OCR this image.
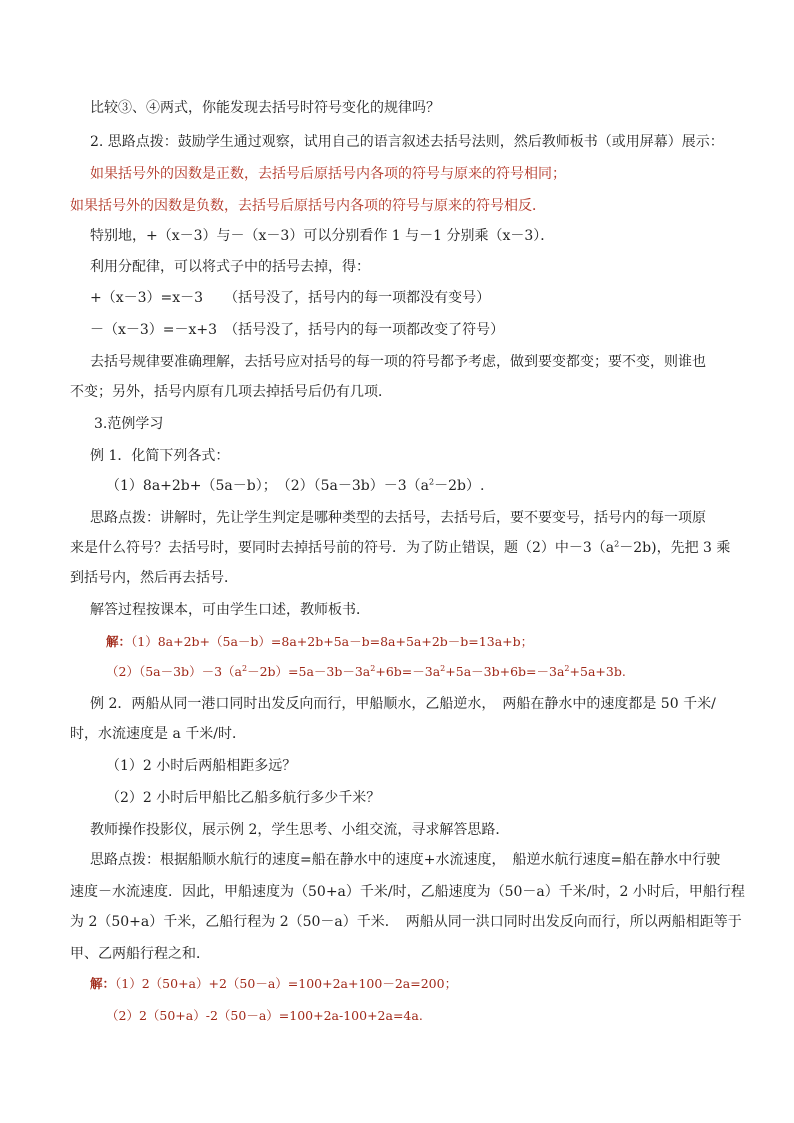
比较③、④两式，你能发现去括号时符号变化的规律吗？
2. 思路点拨：鼓励学生通过观察，试用自己的语言叙述去括号法则，然后教师板书（或用屏幕）展示：
如果括号外的因数是正数，去括号后原括号内各项的符号与原来的符号相同；
如果括号外的因数是负数，去括号后原括号内各项的符号与原来的符号相反．
特别地，+（x－3）与－（x－3）可以分别看作 1 与－1 分别乘（x－3）．
利用分配律，可以将式子中的括号去掉，得：
+（x－3）=x－3　　（括号没了，括号内的每一项都没有变号）
－（x－3）=－x+3　（括号没了，括号内的每一项都改变了符号）
去括号规律要准确理解，去括号应对括号的每一项的符号都予考虑，做到要变都变；要不变，则谁也
不变；另外，括号内原有几项去掉括号后仍有几项．
3.范例学习
例 1．化简下列各式：
（1）8a+2b+（5a－b）；　$(2)(5a-3b)-3(a^2-2b)$.
思路点拨：讲解时，先让学生判定是哪种类型的去括号，去括号后，要不要变号，括号内的每一项原
来是什么符号？去括号时，要同时去掉括号前的符号．为了防止错误，题（2）中$-3(a^2-2b)$，先把 3 乘
到括号内，然后再去括号．
解答过程按课本，可由学生口述，教师板书．
解：（1）8a+2b+（5a－b）=8a+2b+5a－b=8a+5a+2b－b=13a+b；
$(2)(5a-3b)-3(a^2-2b)=5a-3b-3a^2+6b=-3a^2+5a-3b+6b=-3a^2+5a+3b$.
例 2．两船从同一港口同时出发反向而行，甲船顺水，乙船逆水，　两船在静水中的速度都是 50 千米/
时，水流速度是 a 千米/时．
（1）2 小时后两船相距多远？
（2）2 小时后甲船比乙船多航行多少千米？
教师操作投影仪，展示例 2，学生思考、小组交流，寻求解答思路．
思路点拨：根据船顺水航行的速度=船在静水中的速度+水流速度，　船逆水航行速度=船在静水中行驶
速度－水流速度．因此，甲船速度为（50+a）千米/时，乙船速度为（50－a）千米/时，2 小时后，甲船行程
为 2（50+a）千米，乙船行程为 2（50－a）千米．　两船从同一洪口同时出发反向而行，所以两船相距等于
甲、乙两船行程之和．
解：（1）2（50+a）+2（50－a）=100+2a+100－2a=200；
（2）2（50+a）-2（50－a）=100+2a-100+2a=4a.
